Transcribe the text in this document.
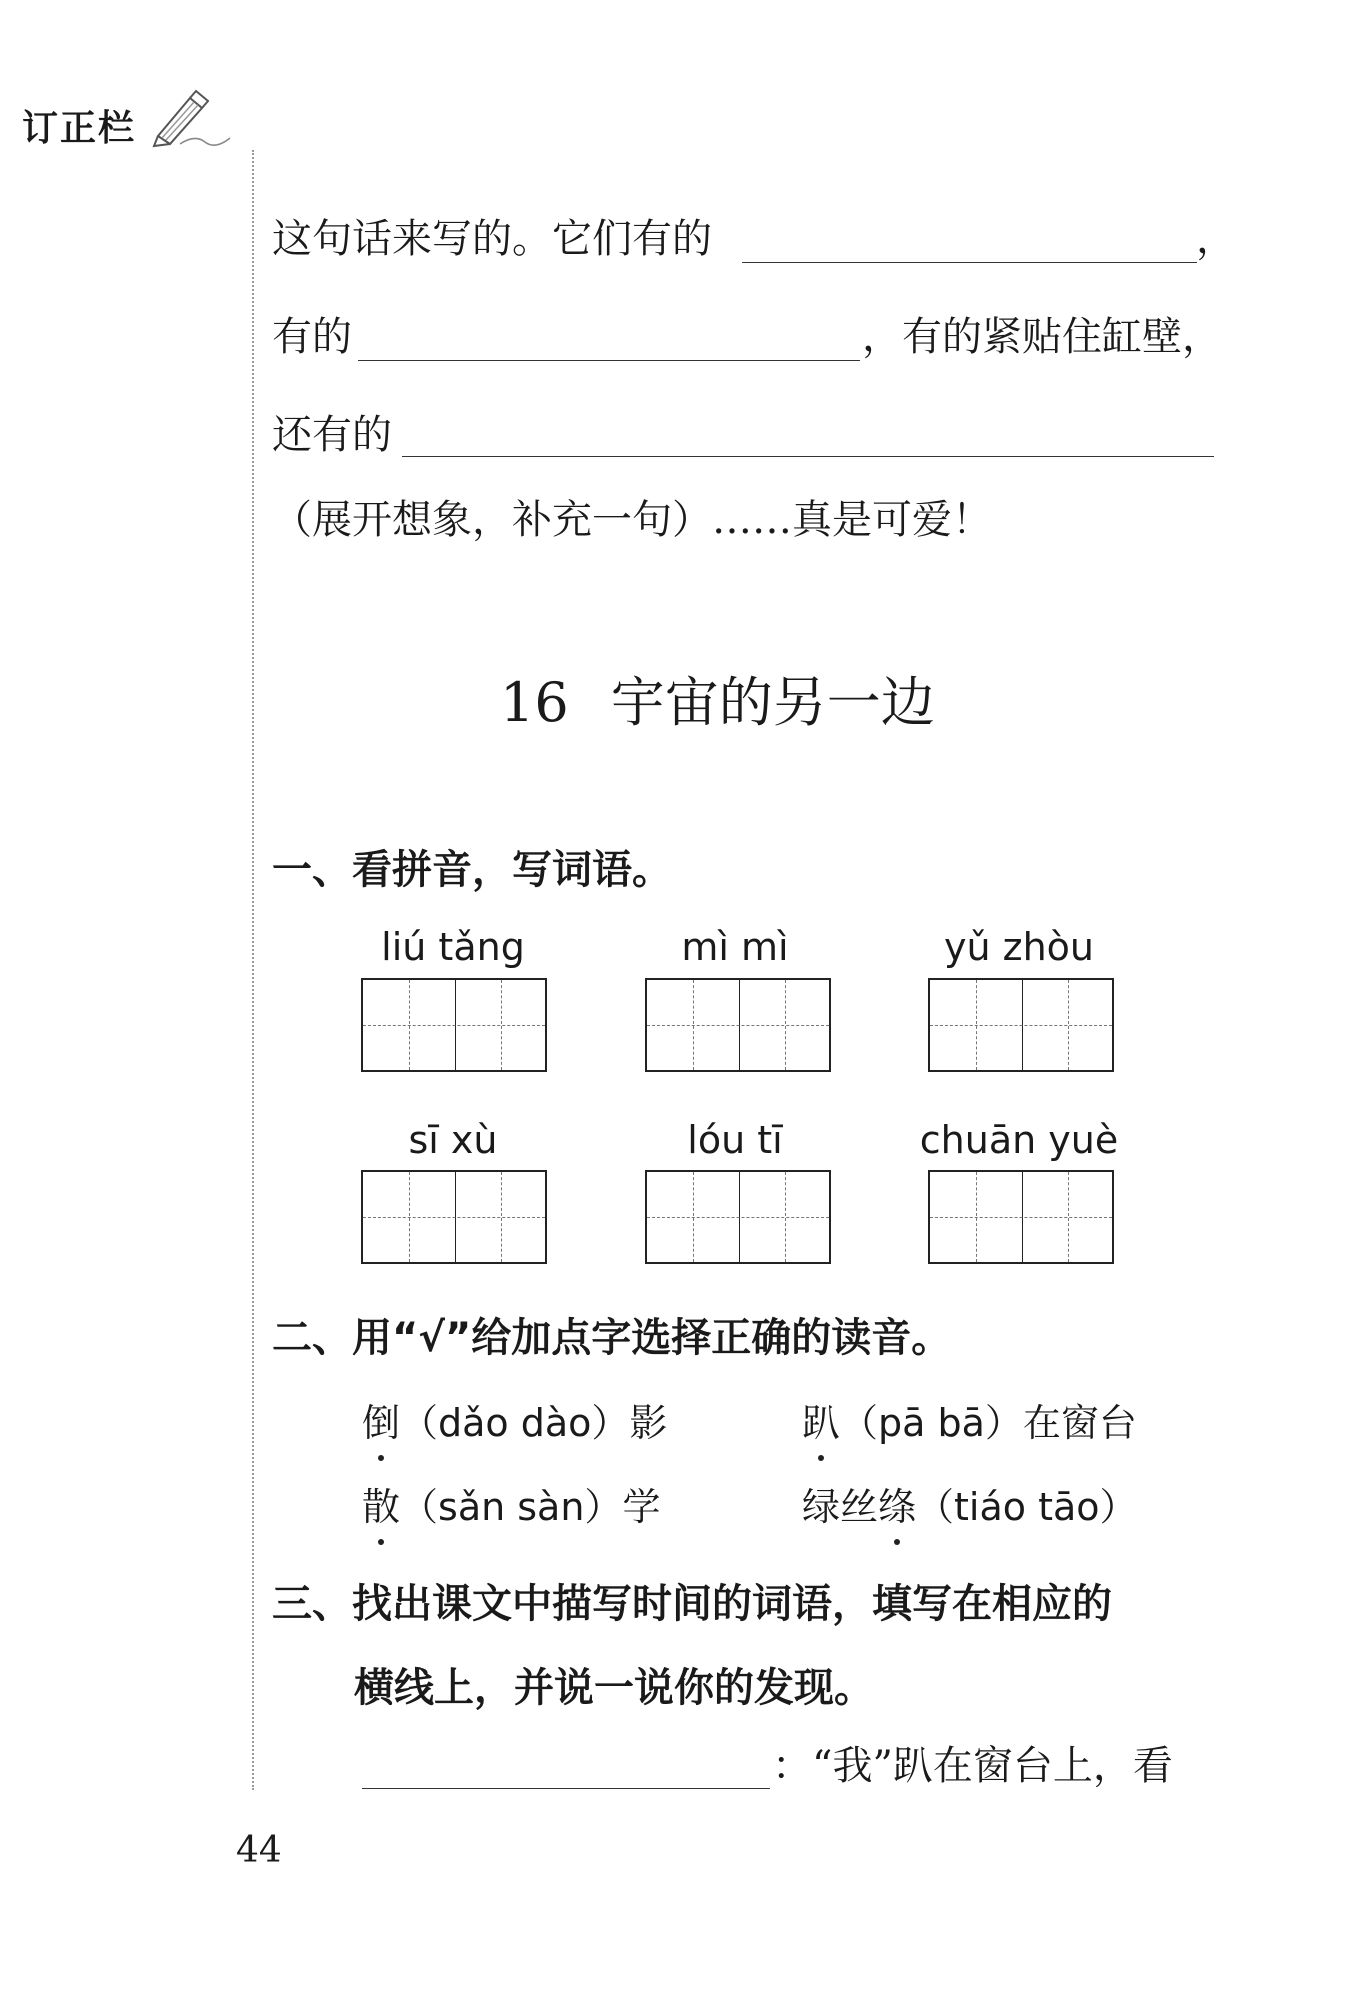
订正栏
这句话来写的。它们有的	，
有的	，有的紧贴住缸壁，
还有的
（展开想象，补充一句）……真是可爱！
16 宇宙的另一边
一、看拼音，写词语。
liú tǎng	mì mì	yǔ zhòu
sī xù	lóu tī	chuān yuè
二、用“√”给加点字选择正确的读音。
倒（dǎo dào）影	趴（pā bā）在窗台
散（sǎn sàn）学	绿丝绦（tiáo tāo）
三、找出课文中描写时间的词语，填写在相应的
横线上，并说一说你的发现。
：“我”趴在窗台上，看
44
